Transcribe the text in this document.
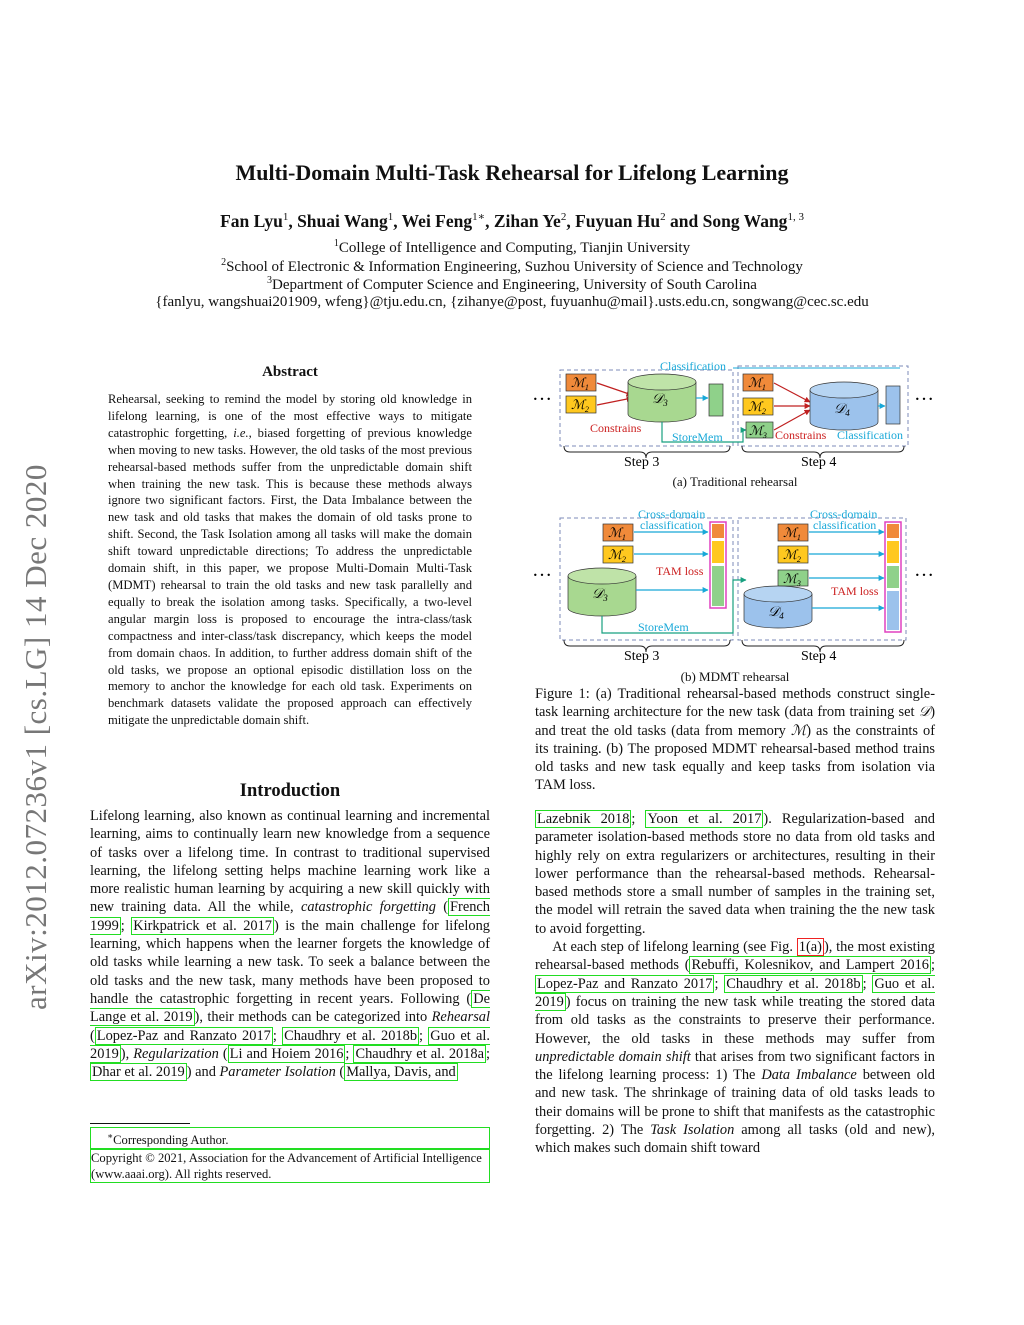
arXiv:2012.07236v1 [cs.LG] 14 Dec 2020
Multi-Domain Multi-Task Rehearsal for Lifelong Learning
Fan Lyu$^1$, Shuai Wang$^1$, Wei Feng$^{1∗}$, Zihan Ye$^2$, Fuyuan Hu$^2$ and Song Wang$^{1, 3}$
$^1$College of Intelligence and Computing, Tianjin University
$^2$School of Electronic & Information Engineering, Suzhou University of Science and Technology
$^3$Department of Computer Science and Engineering, University of South Carolina
{fanlyu, wangshuai201909, wfeng}@tju.edu.cn, {zihanye@post, fuyuanhu@mail}.usts.edu.cn, songwang@cec.sc.edu
Abstract
Rehearsal, seeking to remind the model by storing old knowledge in lifelong learning, is one of the most effective ways to mitigate catastrophic forgetting, i.e., biased forgetting of previous knowledge when moving to new tasks. However, the old tasks of the most previous rehearsal-based methods suffer from the unpredictable domain shift when training the new task. This is because these methods always ignore two significant factors. First, the Data Imbalance between the new task and old tasks that makes the domain of old tasks prone to shift. Second, the Task Isolation among all tasks will make the domain shift toward unpredictable directions; To address the unpredictable domain shift, in this paper, we propose Multi-Domain Multi-Task (MDMT) rehearsal to train the old tasks and new task parallelly and equally to break the isolation among tasks. Specifically, a two-level angular margin loss is proposed to encourage the intra-class/task compactness and inter-class/task discrepancy, which keeps the model from domain chaos. In addition, to further address domain shift of the old tasks, we propose an optional episodic distillation loss on the memory to anchor the knowledge for each old task. Experiments on benchmark datasets validate the proposed approach can effectively mitigate the unpredictable domain shift.
Introduction

Lifelong learning, also known as continual learning and incremental learning, aims to continually learn new knowledge from a sequence of tasks over a lifelong time. In contrast to traditional supervised learning, the lifelong setting helps machine learning work like a more realistic human learning by acquiring a new skill quickly with new training data. All the while, catastrophic forgetting ( French 1999 ; Kirkpatrick et al. 2017 ) is the main challenge for lifelong learning, which happens when the learner forgets the knowledge of old tasks while learning a new task. To seek a balance between the old tasks and the new task, many methods have been proposed to handle the catastrophic forgetting in recent years. Following ( De Lange et al. 2019 ), their methods can be categorized into Rehearsal ( Lopez-Paz and Ranzato 2017 ; Chaudhry et al. 2018b ; Guo et al. 2019 ), Regularization ( Li and Hoiem 2016 ; Chaudhry et al. 2018a ; Dhar et al. 2019 ) and Parameter Isolation ( Mallya, Davis, and

∗Corresponding Author.
Copyright © 2021, Association for the Advancement of Artificial Intelligence (www.aaai.org). All rights reserved.
…	…
Classification
ℳ$_1$
ℳ$_2$
Constrains
𝒟$_3$
StoreMem
ℳ$_1$
ℳ$_2$
ℳ$_3$ Constrains
𝒟$_4$
Classification
Step 3	Step 4
…	…
Cross-domain
classification
Cross-domain
classification
ℳ$_1$
ℳ$_2$
𝒟$_3$
TAM loss
StoreMem
ℳ$_1$
ℳ$_2$
ℳ$_3$
𝒟$_4$
TAM loss
Step 3	Step 4
(a) Traditional rehearsal
(b) MDMT rehearsal
Figure 1: (a) Traditional rehearsal-based methods construct single-task learning architecture for the new task (data from training set 𝒟) and treat the old tasks (data from memory ℳ) as the constraints of its training. (b) The proposed MDMT rehearsal-based method trains old tasks and new task equally and keep tasks from isolation via TAM loss.

Lazebnik 2018 ; Yoon et al. 2017 ). Regularization-based and parameter isolation-based methods store no data from old tasks and highly rely on extra regularizers or architectures, resulting in their lower performance than the rehearsal-based methods. Rehearsal-based methods store a small number of samples in the training set, the model will retrain the saved data when training the the new task to avoid forgetting.

At each step of lifelong learning (see Fig. 1(a) ), the most existing rehearsal-based methods ( Rebuffi, Kolesnikov, and Lampert 2016 ; Lopez-Paz and Ranzato 2017 ; Chaudhry et al. 2018b ; Guo et al. 2019 ) focus on training the new task while treating the stored data from old tasks as the constraints to preserve their performance. However, the old tasks in these methods may suffer from unpredictable domain shift that arises from two significant factors in the lifelong learning process: 1) The Data Imbalance between old and new task. The shrinkage of training data of old tasks leads to their domains will be prone to shift that manifests as the catastrophic forgetting. 2) The Task Isolation among all tasks (old and new), which makes such domain shift toward
